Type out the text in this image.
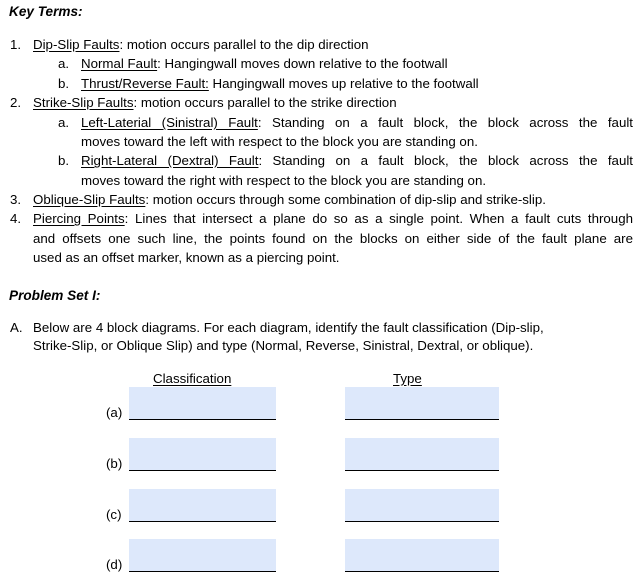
Key Terms:
1. Dip-Slip Faults: motion occurs parallel to the dip direction
a. Normal Fault: Hangingwall moves down relative to the footwall
b. Thrust/Reverse Fault: Hangingwall moves up relative to the footwall
2. Strike-Slip Faults: motion occurs parallel to the strike direction
a. Left-Laterial (Sinistral) Fault: Standing on a fault block, the block across the fault
moves toward the left with respect to the block you are standing on.
b. Right-Lateral (Dextral) Fault: Standing on a fault block, the block across the fault
moves toward the right with respect to the block you are standing on.
3. Oblique-Slip Faults: motion occurs through some combination of dip-slip and strike-slip.
4. Piercing Points: Lines that intersect a plane do so as a single point. When a fault cuts through
and offsets one such line, the points found on the blocks on either side of the fault plane are
used as an offset marker, known as a piercing point.
Problem Set I:
A. Below are 4 block diagrams. For each diagram, identify the fault classification (Dip-slip,
Strike-Slip, or Oblique Slip) and type (Normal, Reverse, Sinistral, Dextral, or oblique).
Classification	Type
(a)
(b)
(c)
(d)
